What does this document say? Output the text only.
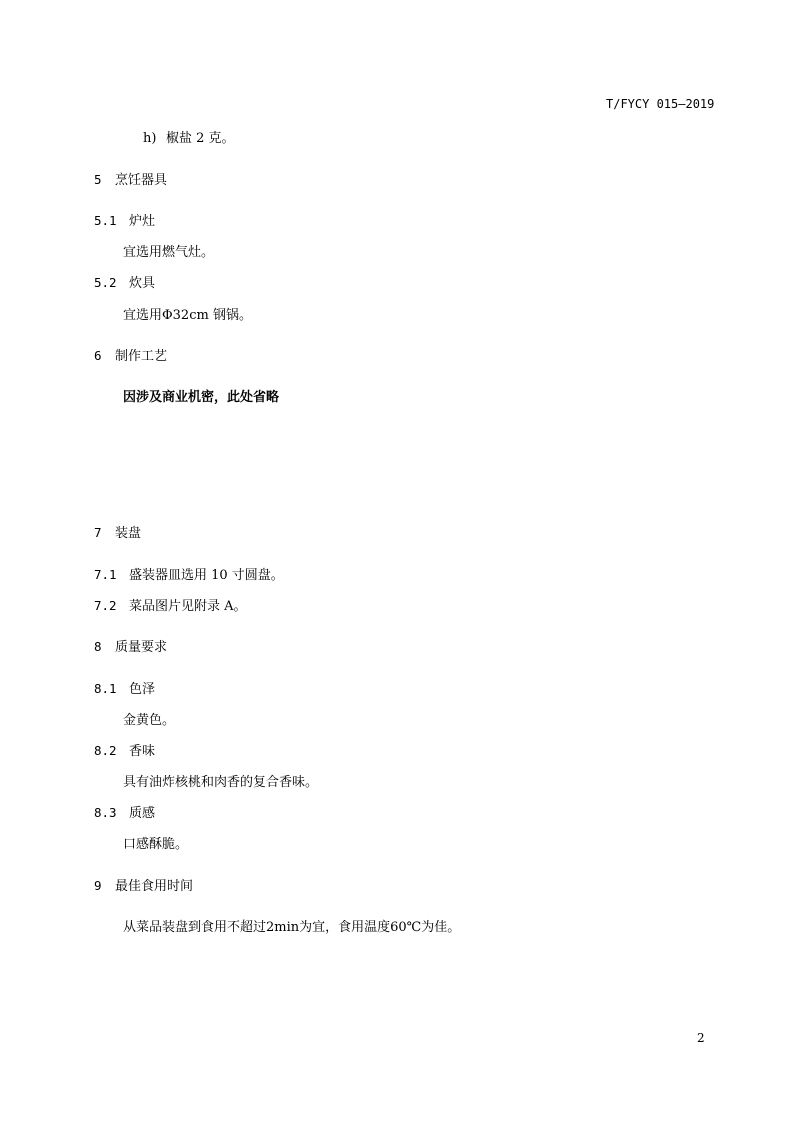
T/FYCY 015—2019
h) 椒盐 2 克。
5 烹饪器具
5.1 炉灶
宜选用燃气灶。
5.2 炊具
宜选用Φ32cm 钢锅。
6 制作工艺
因涉及商业机密，此处省略
7 装盘
7.1 盛装器皿选用 10 寸圆盘。
7.2 菜品图片见附录 A。
8 质量要求
8.1 色泽
金黄色。
8.2 香味
具有油炸核桃和肉香的复合香味。
8.3 质感
口感酥脆。
9 最佳食用时间
从菜品装盘到食用不超过2min为宜，食用温度60℃为佳。
2
